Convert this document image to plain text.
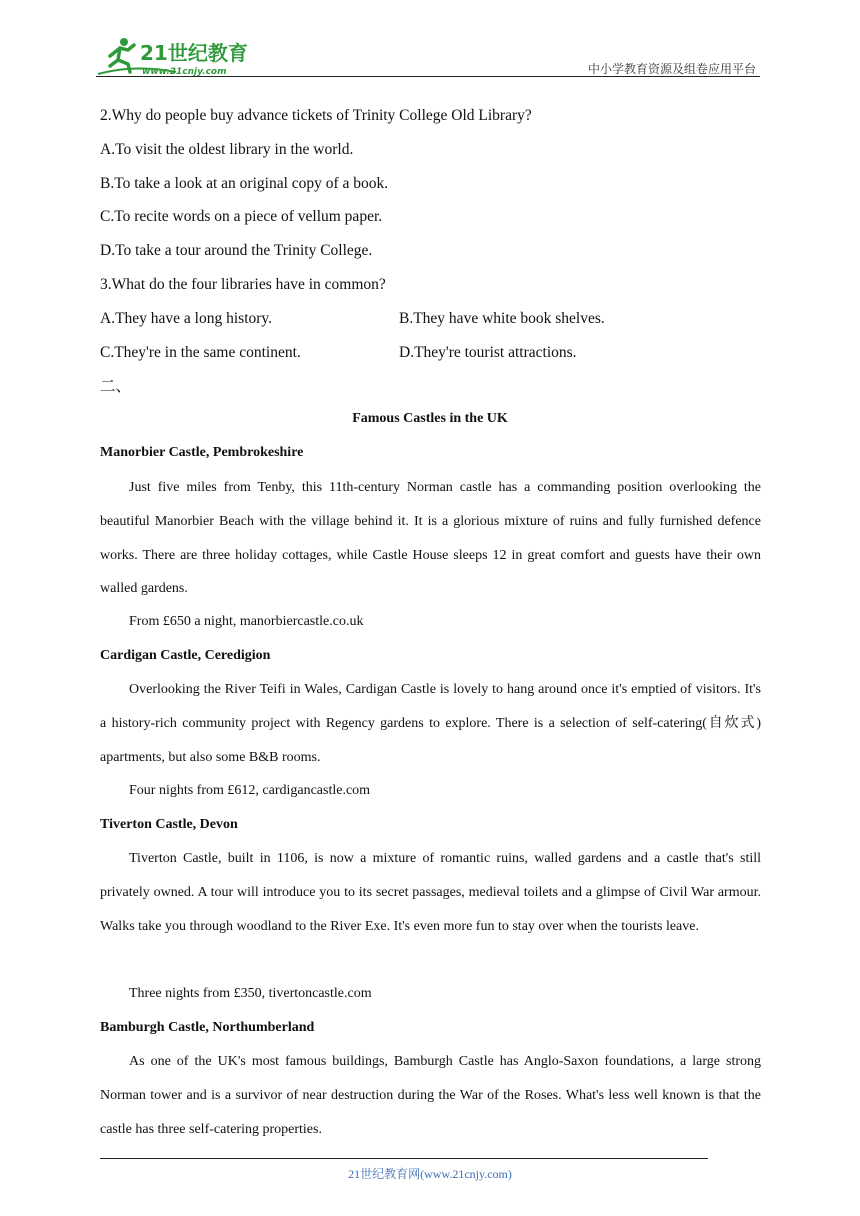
21世纪教育
www.21cnjy.com	中小学教育资源及组卷应用平台
2.Why do people buy advance tickets of Trinity College Old Library?
A.To visit the oldest library in the world.
B.To take a look at an original copy of a book.
C.To recite words on a piece of vellum paper.
D.To take a tour around the Trinity College.
3.What do the four libraries have in common?
A.They have a long history.	B.They have white book shelves.
C.They're in the same continent.	D.They're tourist attractions.
二、
Famous Castles in the UK
Manorbier Castle, Pembrokeshire
Just five miles from Tenby, this 11th-century Norman castle has a commanding position overlooking the beautiful Manorbier Beach with the village behind it. It is a glorious mixture of ruins and fully furnished defence works. There are three holiday cottages, while Castle House sleeps 12 in great comfort and guests have their own walled gardens.
From £650 a night, manorbiercastle.co.uk
Cardigan Castle, Ceredigion
Overlooking the River Teifi in Wales, Cardigan Castle is lovely to hang around once it's emptied of visitors. It's a history-rich community project with Regency gardens to explore. There is a selection of self-catering(自炊式) apartments, but also some B&B rooms.
Four nights from £612, cardigancastle.com
Tiverton Castle, Devon
Tiverton Castle, built in 1106, is now a mixture of romantic ruins, walled gardens and a castle that's still privately owned. A tour will introduce you to its secret passages, medieval toilets and a glimpse of Civil War armour. Walks take you through woodland to the River Exe. It's even more fun to stay over when the tourists leave.
Three nights from £350, tivertoncastle.com
Bamburgh Castle, Northumberland
As one of the UK's most famous buildings, Bamburgh Castle has Anglo-Saxon foundations, a large strong Norman tower and is a survivor of near destruction during the War of the Roses. What's less well known is that the castle has three self-catering properties.
21世纪教育网(www.21cnjy.com)
